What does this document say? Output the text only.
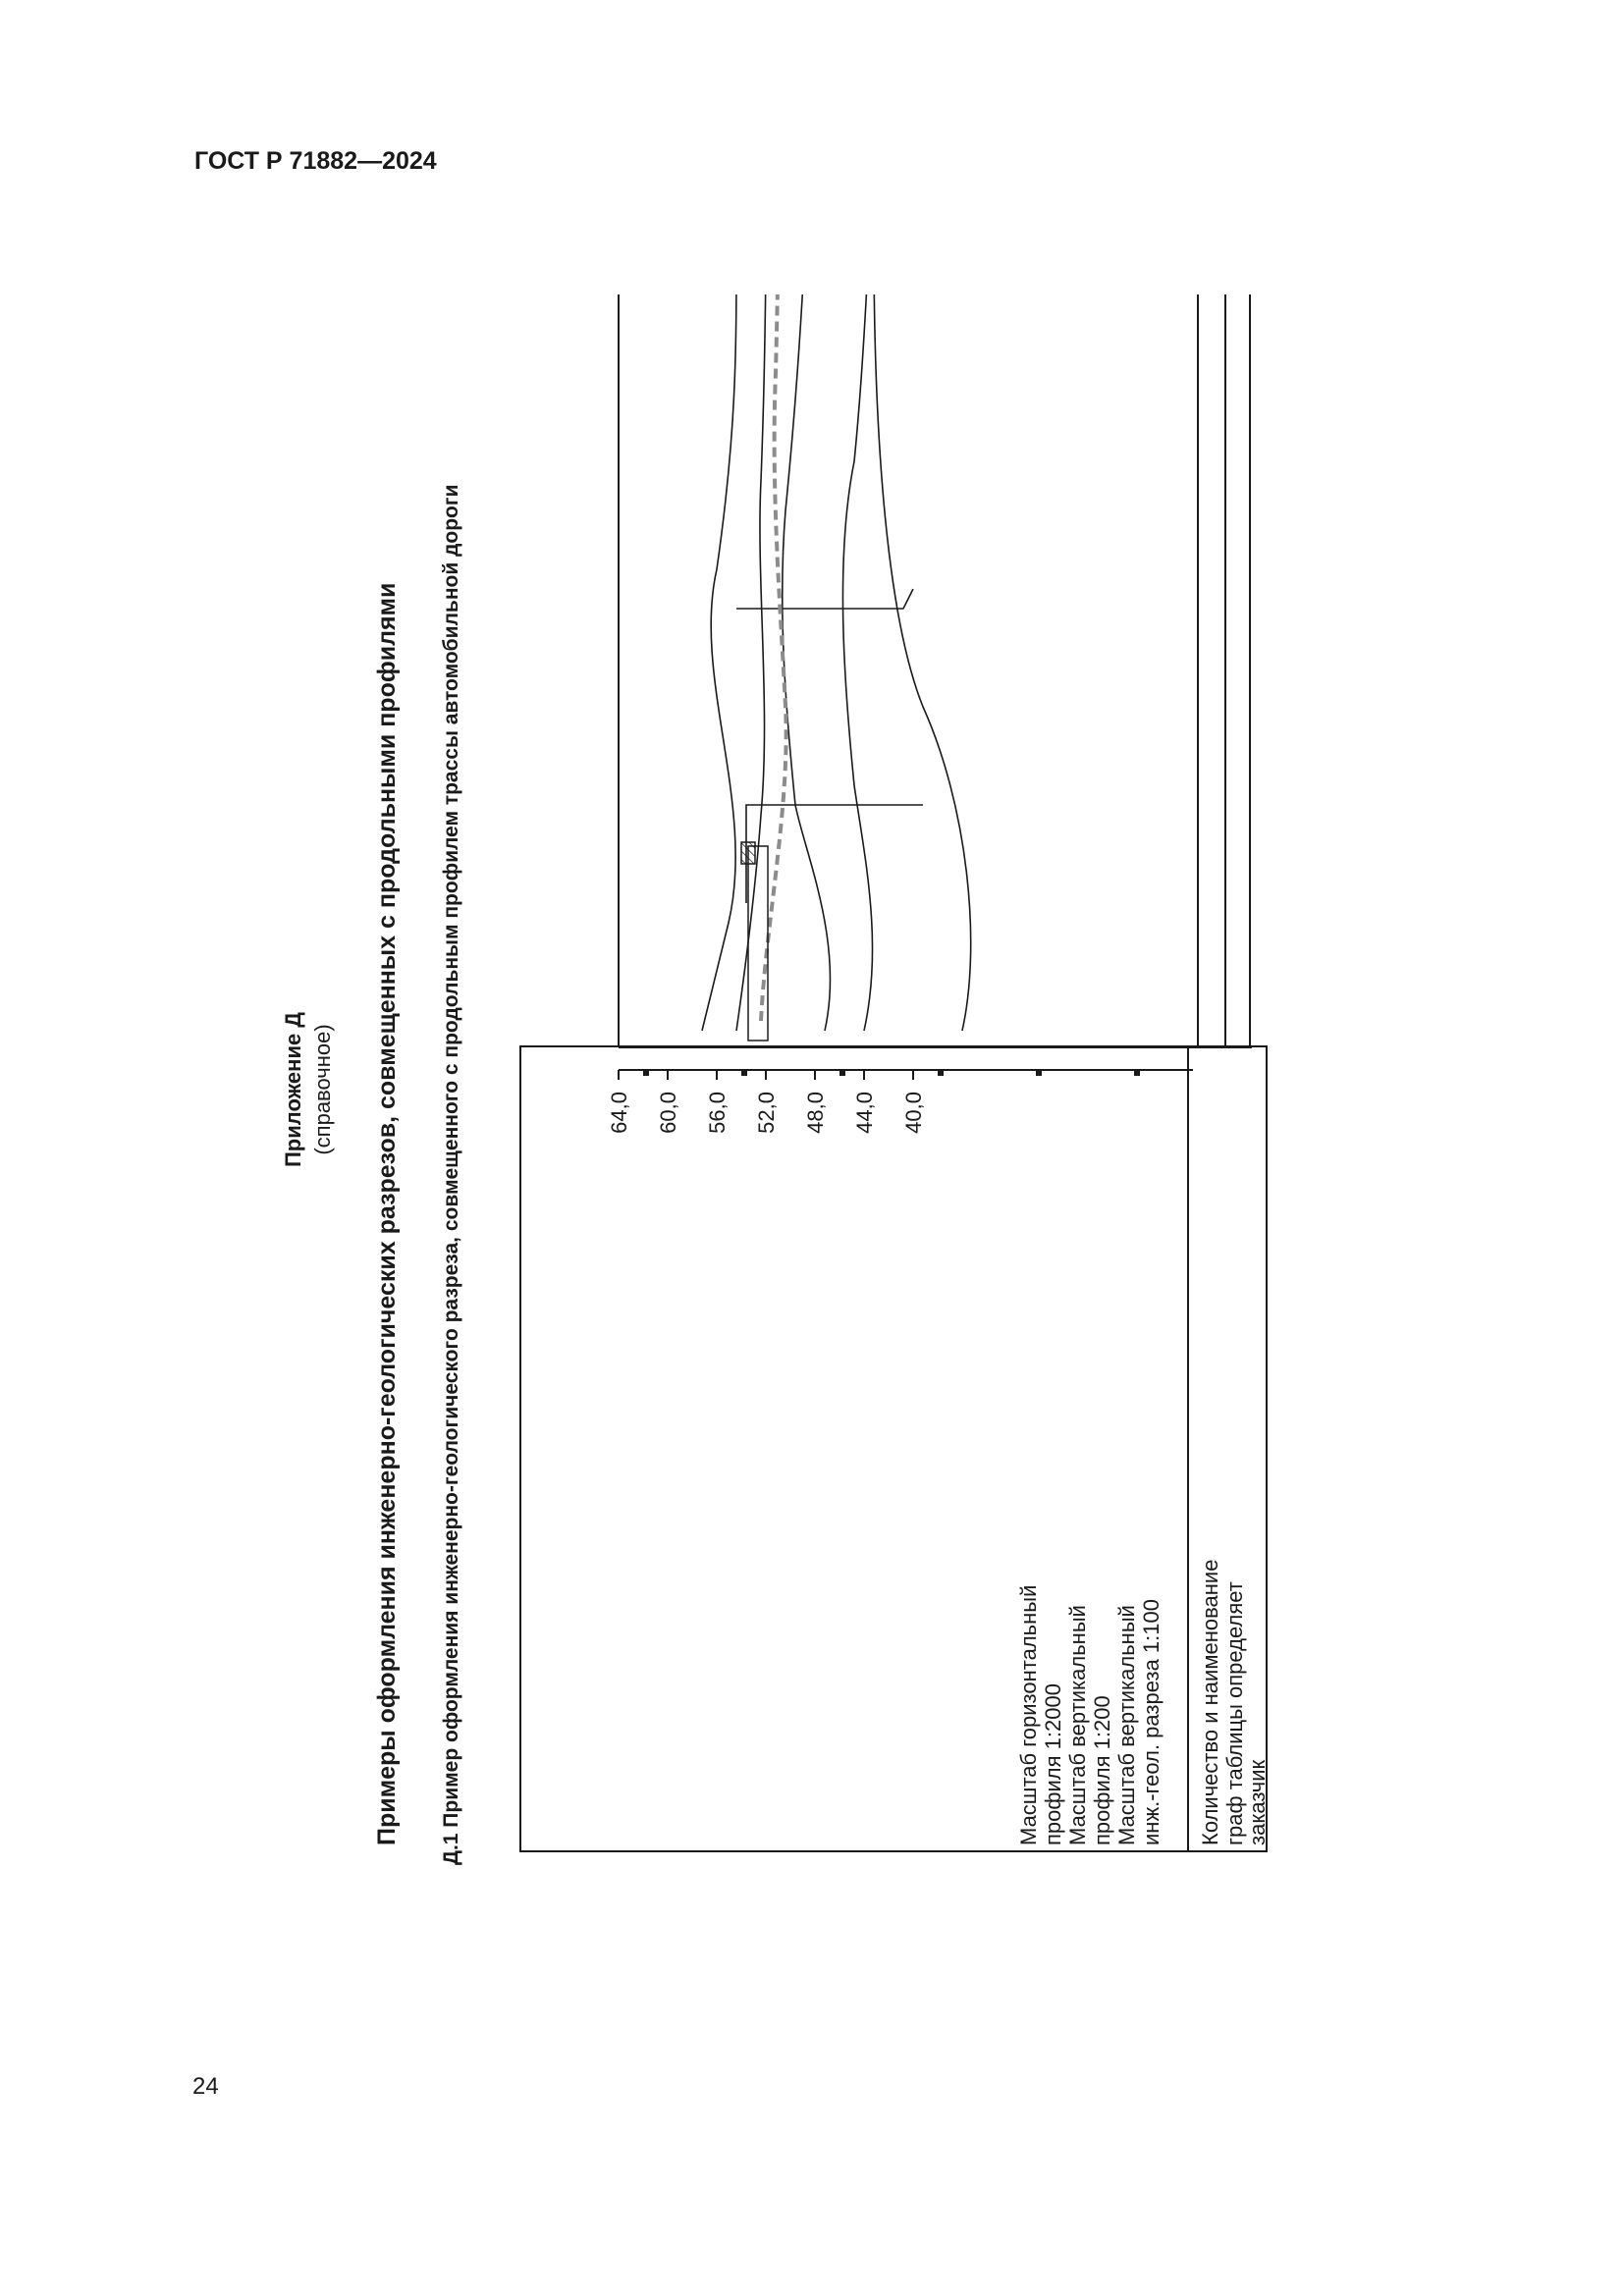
ГОСТ Р 71882—2024
24
Приложение Д (справочное) Примеры оформления инженерно-геологических разрезов, совмещенных с продольными профилями Д.1 Пример оформления инженерно-геологического разреза, совмещенного с продольным профилем трассы автомобильной дороги	инж.-геол. разреза 1:100
Масштаб вертикальный
профиля 1:200
Масштаб вертикальный
профиля 1:2000
Масштаб горизонтальный	Количество и наименование граф таблицы определяет
заказчик
64,0 60,0 56,0 52,0 48,0 44,0 40,0
